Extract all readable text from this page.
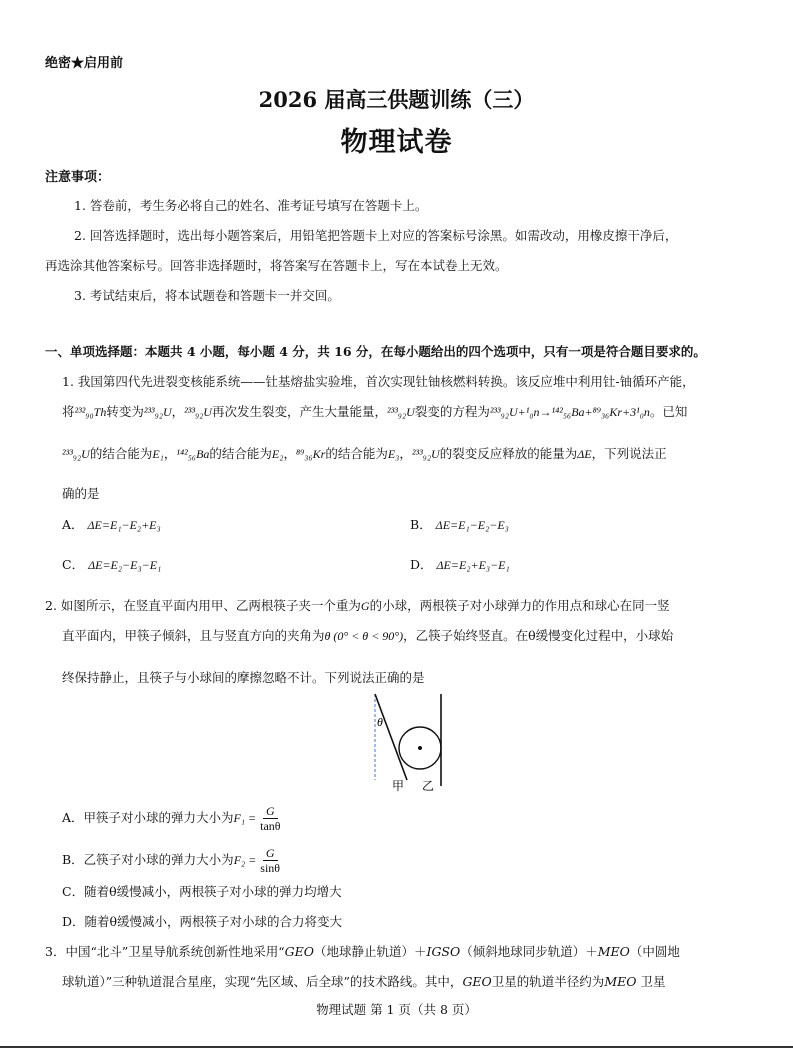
绝密★启用前
2026 届高三供题训练（三）
物理试卷
注意事项：
1. 答卷前，考生务必将自己的姓名、准考证号填写在答题卡上。
2. 回答选择题时，选出每小题答案后，用铅笔把答题卡上对应的答案标号涂黑。如需改动，用橡皮擦干净后，
再选涂其他答案标号。回答非选择题时，将答案写在答题卡上，写在本试卷上无效。
3. 考试结束后，将本试题卷和答题卡一并交回。
一、单项选择题：本题共 4 小题，每小题 4 分，共 16 分，在每小题给出的四个选项中，只有一项是符合题目要求的。
1. 我国第四代先进裂变核能系统——钍基熔盐实验堆，首次实现钍铀核燃料转换。该反应堆中利用钍-铀循环产能，
将²³²₉₀Th转变为²³³₉₂U，²³³₉₂U再次发生裂变，产生大量能量，²³³₉₂U裂变的方程为²³³₉₂U+¹₀n→¹⁴²₅₆Ba+⁸⁹₃₆Kr+3¹₀n。已知
²³³₉₂U的结合能为E₁，¹⁴²₅₆Ba的结合能为E₂，⁸⁹₃₆Kr的结合能为E₃，²³³₉₂U的裂变反应释放的能量为ΔE，下列说法正
确的是
A． ΔE=E₁−E₂+E₃	B． ΔE=E₁−E₂−E₃
C． ΔE=E₂−E₃−E₁	D． ΔE=E₂+E₃−E₁
2. 如图所示，在竖直平面内用甲、乙两根筷子夹一个重为G的小球，两根筷子对小球弹力的作用点和球心在同一竖
直平面内，甲筷子倾斜，且与竖直方向的夹角为θ (0° < θ < 90°)，乙筷子始终竖直。在θ缓慢变化过程中，小球始
终保持静止，且筷子与小球间的摩擦忽略不计。下列说法正确的是
θ
甲 乙
A．甲筷子对小球的弹力大小为$F_1 = \frac{G}{\tan\theta}$
B．乙筷子对小球的弹力大小为$F_2 = \frac{G}{\sin\theta}$
C．随着θ缓慢减小，两根筷子对小球的弹力均增大
D．随着θ缓慢减小，两根筷子对小球的合力将变大
3．中国“北斗”卫星导航系统创新性地采用“GEO（地球静止轨道）＋IGSO（倾斜地球同步轨道）＋MEO（中圆地
球轨道）”三种轨道混合星座，实现“先区域、后全球”的技术路线。其中，GEO卫星的轨道半径约为MEO 卫星
物理试题 第 1 页（共 8 页）
